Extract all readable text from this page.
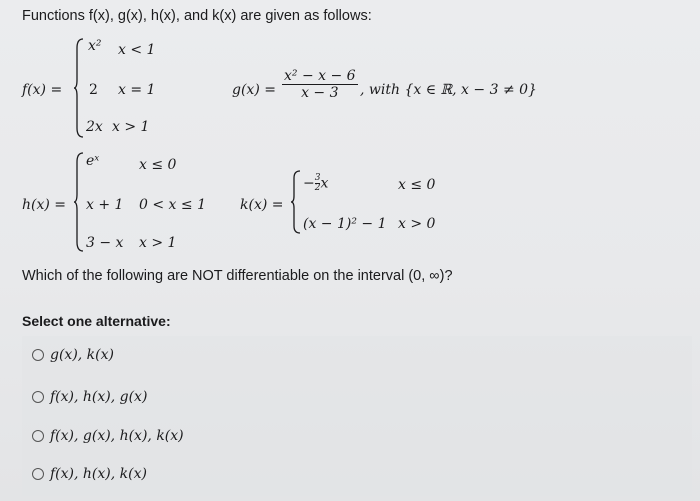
Functions f(x), g(x), h(x), and k(x) are given as follows:
f(x) =
x² x < 1
2 x = 1
2x x > 1
$g(x) = \frac{\text{x² − x − 6}}{x - 3}$ , with {x ∈ ℝ, x − 3 ≠ 0}
h(x) =
eˣ	x ≤ 0
x + 1 0 < x ≤ 1
3 − x x > 1
k(x) =
− $\frac{3}{2}$ x	x ≤ 0
(x − 1)² − 1 x > 0
Which of the following are NOT differentiable on the interval (0, ∞)?
Select one alternative:
g(x), k(x)
f(x), h(x), g(x)
f(x), g(x), h(x), k(x)
f(x), h(x), k(x)
